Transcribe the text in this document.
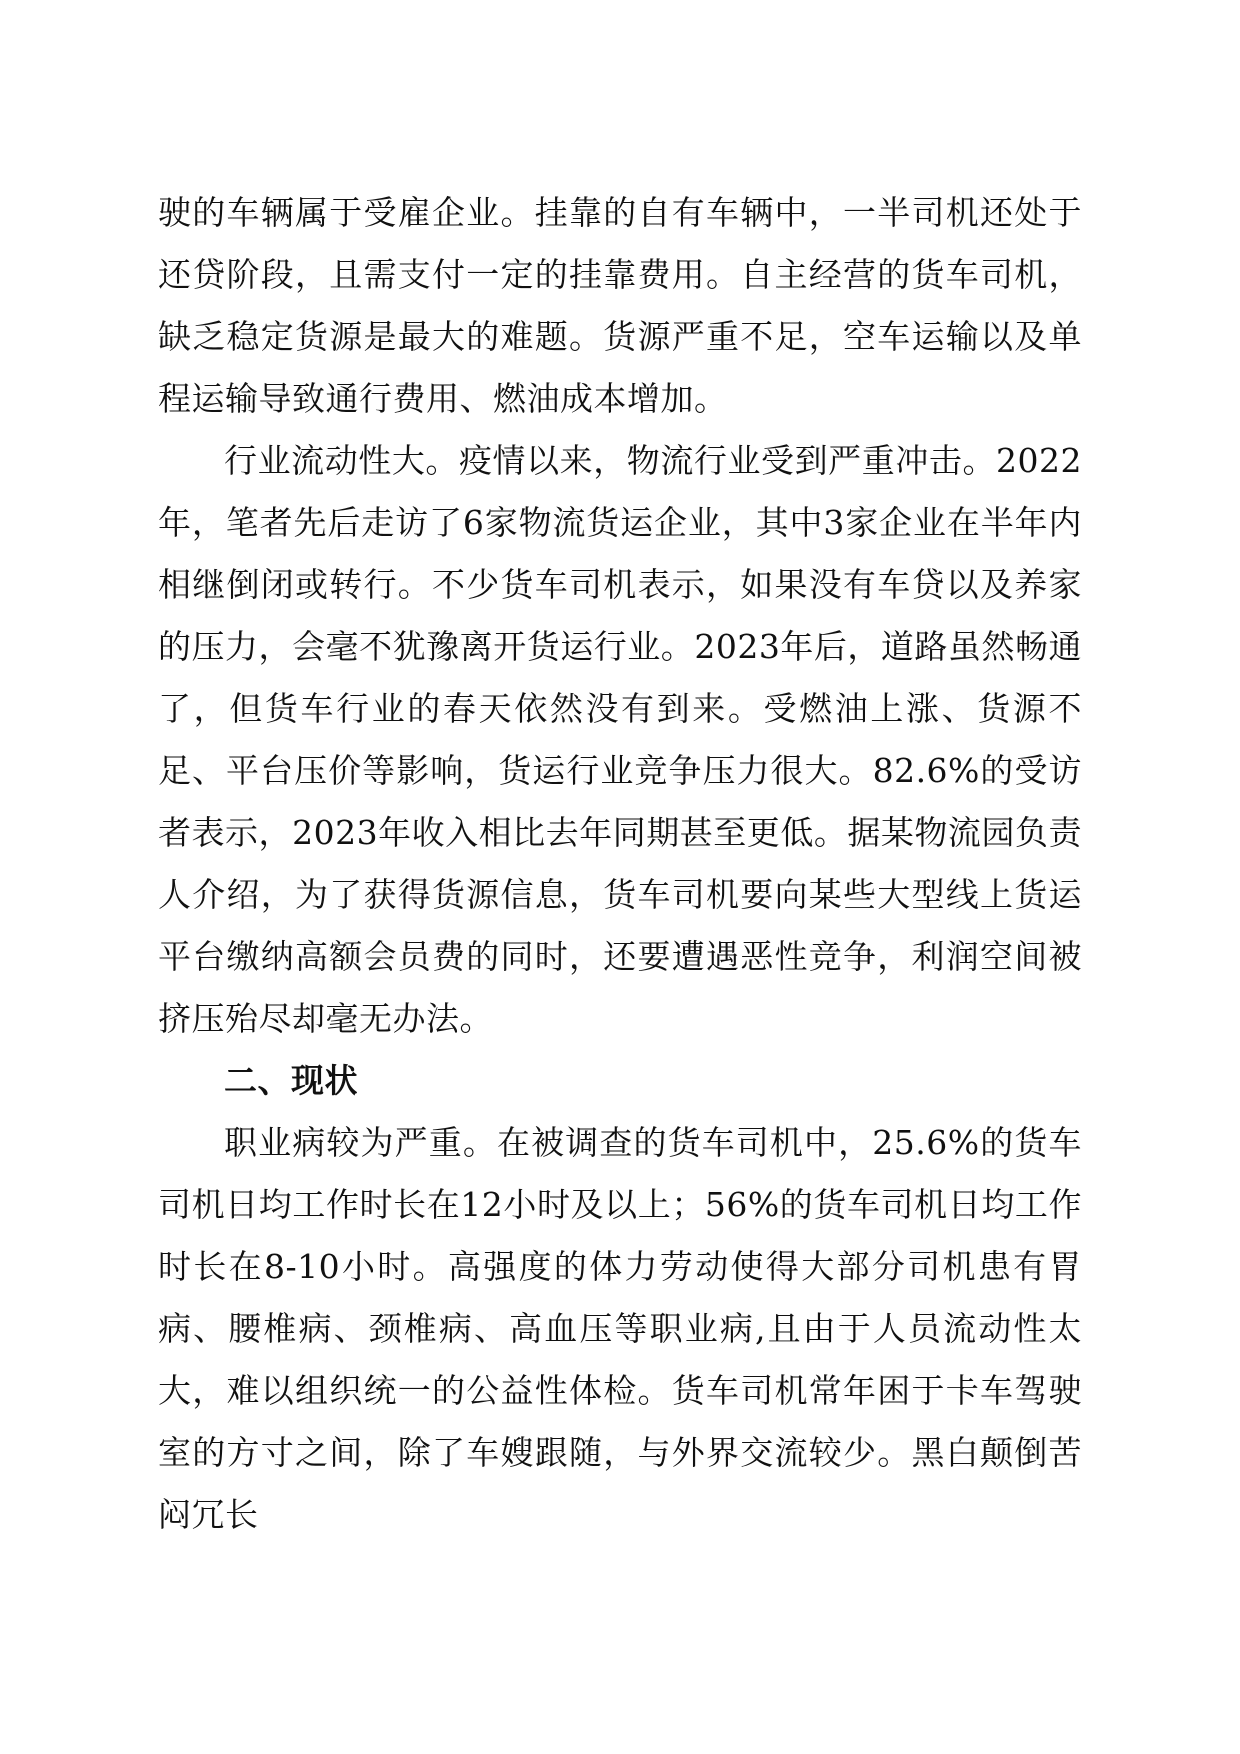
驶的车辆属于受雇企业。挂靠的自有车辆中，一半司机还处于还贷阶段，且需支付一定的挂靠费用。自主经营的货车司机，缺乏稳定货源是最大的难题。货源严重不足，空车运输以及单程运输导致通行费用、燃油成本增加。

行业流动性大。疫情以来，物流行业受到严重冲击。2022年，笔者先后走访了6家物流货运企业，其中3家企业在半年内相继倒闭或转行。不少货车司机表示，如果没有车贷以及养家的压力，会毫不犹豫离开货运行业。2023年后，道路虽然畅通了，但货车行业的春天依然没有到来。受燃油上涨、货源不足、平台压价等影响，货运行业竞争压力很大。82.6%的受访者表示，2023年收入相比去年同期甚至更低。据某物流园负责人介绍，为了获得货源信息，货车司机要向某些大型线上货运平台缴纳高额会员费的同时，还要遭遇恶性竞争，利润空间被挤压殆尽却毫无办法。

二、现状

职业病较为严重。在被调查的货车司机中，25.6%的货车司机日均工作时长在12小时及以上；56%的货车司机日均工作时长在8-10小时。高强度的体力劳动使得大部分司机患有胃病、腰椎病、颈椎病、高血压等职业病,且由于人员流动性太大，难以组织统一的公益性体检。货车司机常年困于卡车驾驶室的方寸之间，除了车嫂跟随，与外界交流较少。黑白颠倒苦闷冗长
